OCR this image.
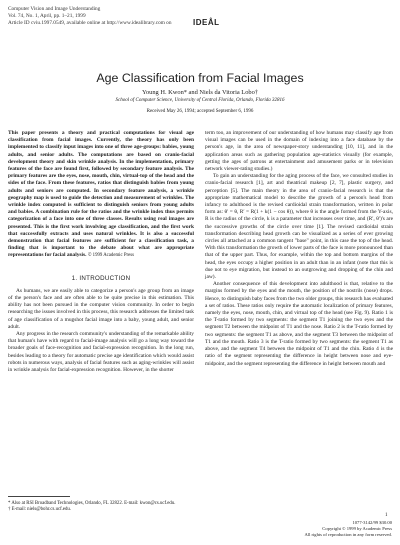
Computer Vision and Image Understanding
Vol. 74, No. 1, April, pp. 1–21, 1999
Article ID cviu.1997.0549, available online at http://www.idealibrary.com on	IDEÅL
Age Classification from Facial Images
Young H. Kwon* and Niels da Vitoria Lobo†
School of Computer Science, University of Central Florida, Orlando, Florida 32816
Received May 26, 1994; accepted September 6, 1996

This paper presents a theory and practical computations for visual age classification from facial images. Currently, the theory has only been implemented to classify input images into one of three age-groups: babies, young adults, and senior adults. The computations are based on cranio-facial development theory and skin wrinkle analysis. In the implementation, primary features of the face are found first, followed by secondary feature analysis. The primary features are the eyes, nose, mouth, chin, virtual-top of the head and the sides of the face. From these features, ratios that distinguish babies from young adults and seniors are computed. In secondary feature analysis, a wrinkle geography map is used to guide the detection and measurement of wrinkles. The wrinkle index computed is sufficient to distinguish seniors from young adults and babies. A combination rule for the ratios and the wrinkle index thus permits categorization of a face into one of three classes. Results using real images are presented. This is the first work involving age classification, and the first work that successfully extracts and uses natural wrinkles. It is also a successful demonstration that facial features are sufficient for a classification task, a finding that is important to the debate about what are appropriate representations for facial analysis. © 1999 Academic Press

1. INTRODUCTION

As humans, we are easily able to categorize a person's age group from an image of the person's face and are often able to be quite precise in this estimation. This ability has not been pursued in the computer vision community. In order to begin researching the issues involved in this process, this research addresses the limited task of age classification of a mugshot facial image into a baby, young adult, and senior adult.

Any progress in the research community's understanding of the remarkable ability that human's have with regard to facial-image analysis will go a long way toward the broader goals of face-recognition and facial-expression recognition. In the long run, besides leading to a theory for automatic precise age identification which would assist robots in numerous ways, analysis of facial features such as aging-wrinkles will assist in wrinkle analysis for facial-expression recognition. However, in the shorter

term too, an improvement of our understanding of how humans may classify age from visual images can be used in the domain of indexing into a face database by the person's age, in the area of newspaper-story understanding [10, 11], and in the application areas such as gathering population age-statistics visually (for example, getting the ages of patrons at entertainment and amusement parks or in television network viewer-rating studies.)

To gain an understanding for the aging process of the face, we consulted studies in cranio-facial research [1], art and theatrical makeup [2, 7], plastic surgery, and perception [5]. The main theory in the area of cranio-facial research is that the appropriate mathematical model to describe the growth of a person's head from infancy to adulthood is the revised cardioidal strain transformation, written in polar form as: θ′ = θ, R′ = R(1 + k(1 − cos θ)), where θ is the angle formed from the Y-axis, R is the radius of the circle, k is a parameter that increases over time, and (R′, θ′)'s are the successive growths of the circle over time [1]. The revised cardioidal strain transformation describing head growth can be visualized as a series of ever growing circles all attached at a common tangent "base" point, in this case the top of the head. With this transformation the growth of lower parts of the face is more pronounced than that of the upper part. Thus, for example, within the top and bottom margins of the head, the eyes occupy a higher position in an adult than in an infant (note that this is due not to eye migration, but instead to an outgrowing and dropping of the chin and jaw).

Another consequence of this development into adulthood is that, relative to the margins formed by the eyes and the mouth, the position of the nostrils (nose) drops. Hence, to distinguish baby faces from the two older groups, this research has evaluated a set of ratios. These ratios only require the automatic localization of primary features, namely the eyes, nose, mouth, chin, and virtual top of the head (see Fig. 9). Ratio 1 is the T-ratio formed by two segments: the segment T1 joining the two eyes and the segment T2 between the midpoint of T1 and the nose. Ratio 2 is the T-ratio formed by two segments: the segment T1 as above, and the segment T3 between the midpoint of T1 and the mouth. Ratio 3 is the T-ratio formed by two segments: the segment T1 as above, and the segment T4 between the midpoint of T1 and the chin. Ratio 4 is the ratio of the segment representing the difference in height between nose and eye-midpoint, and the segment representing the difference in height between mouth and

* Also at RSI Broadband Technologies, Orlando, FL 32822. E-mail: kwon@cs.ucf.edu.
† E-mail: niels@bohr.cs.ucf.edu.
1
1077-3142/99 $30.00
Copyright © 1999 by Academic Press
All rights of reproduction in any form reserved.
